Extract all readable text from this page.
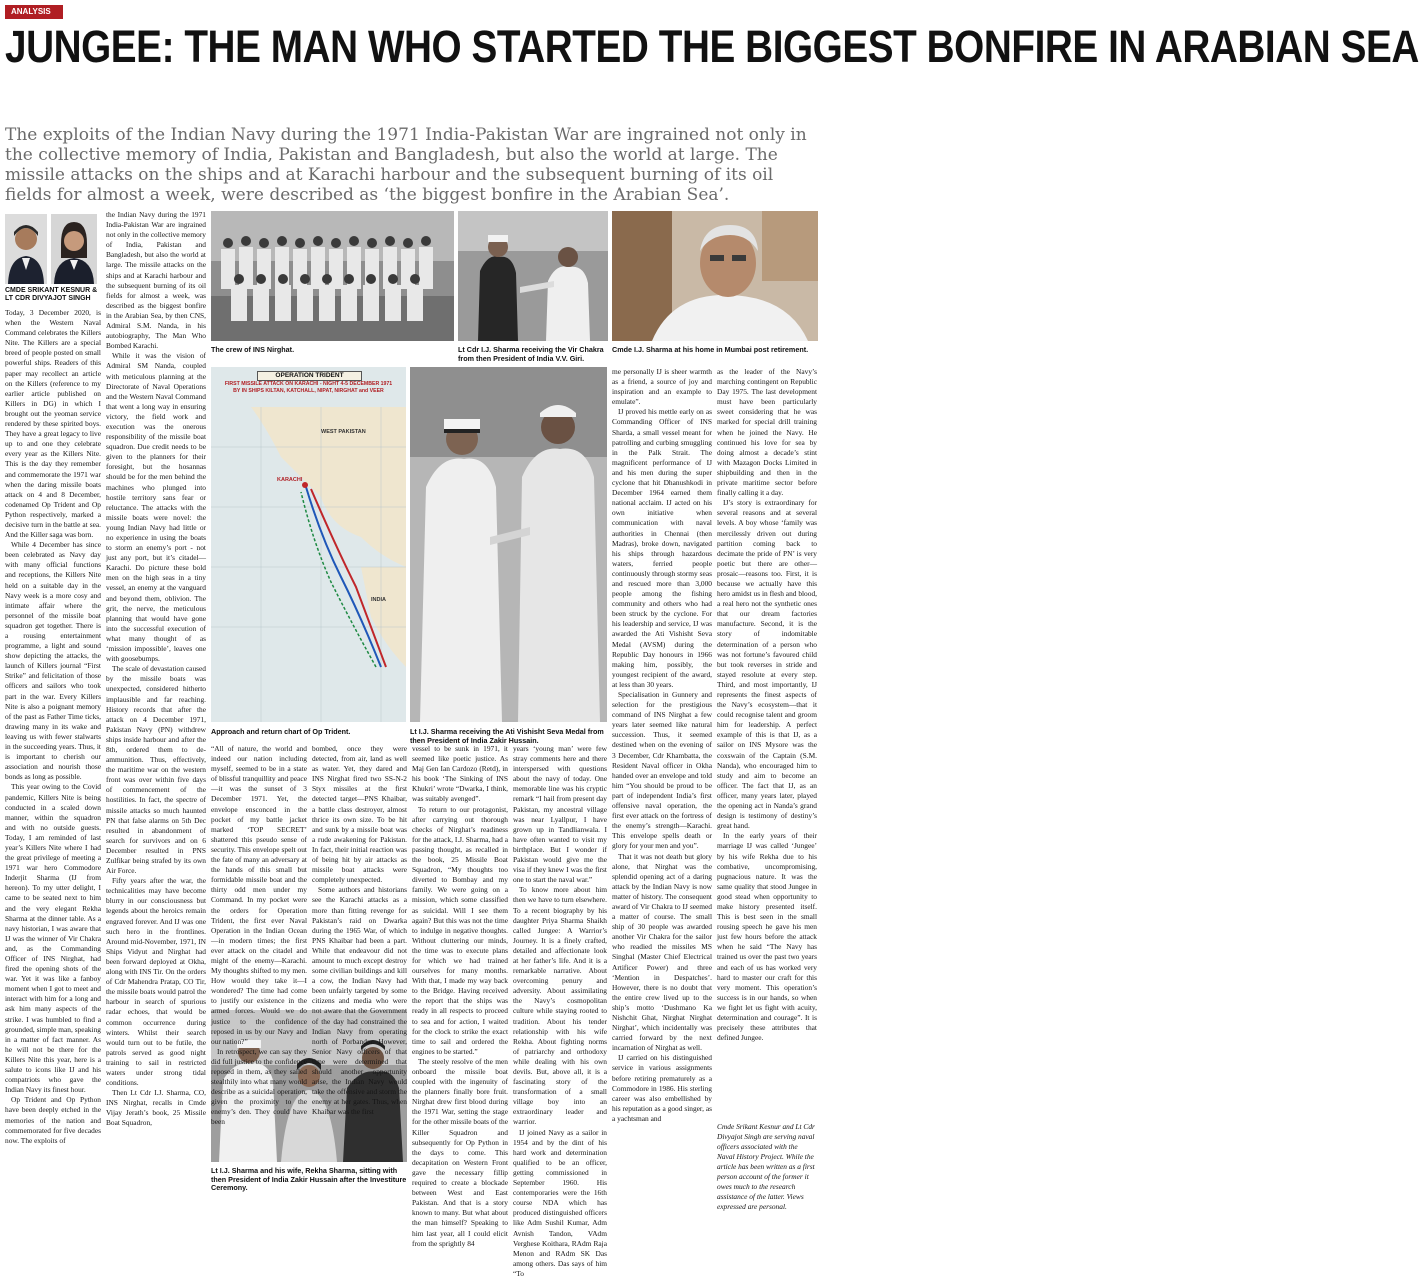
ANALYSIS
JUNGEE: THE MAN WHO STARTED THE BIGGEST BONFIRE IN ARABIAN SEA

The exploits of the Indian Navy during the 1971 India-Pakistan War are ingrained not only in the collective memory of India, Pakistan and Bangladesh, but also the world at large. The missile attacks on the ships and at Karachi harbour and the subsequent burning of its oil fields for almost a week, were described as ‘the biggest bonfire in the Arabian Sea’.

CMDE SRIKANT KESNUR & LT CDR DIVYAJOT SINGH
The crew of INS Nirghat.	Lt Cdr I.J. Sharma receiving the Vir Chakra from then President of India V.V. Giri.
Cmde I.J. Sharma at his home in Mumbai post retirement.
OPERATION TRIDENT
FIRST MISSILE ATTACK ON KARACHI - NIGHT 4-5 DECEMBER 1971
BY IN SHIPS KILTAN, KATCHALL, NIPAT, NIRGHAT and VEER
WEST PAKISTAN
KARACHI
INDIA
Approach and return chart of Op Trident.	Lt I.J. Sharma receiving the Ati Vishisht Seva Medal from then President of India Zakir Hussain.
Lt I.J. Sharma and his wife, Rekha Sharma, sitting with then President of India Zakir Hussain after the Investiture Ceremony.

Today, 3 December 2020, is when the Western Naval Command celebrates the Killers Nite. The Killers are a special breed of people posted on small powerful ships. Readers of this paper may recollect an article on the Killers (reference to my earlier article published on Killers in DG) in which I brought out the yeoman service rendered by these spirited boys. They have a great legacy to live up to and one they celebrate every year as the Killers Nite. This is the day they remember and commemorate the 1971 war when the daring missile boats attack on 4 and 8 December, codenamed Op Trident and Op Python respectively, marked a decisive turn in the battle at sea. And the Killer saga was born.

While 4 December has since been celebrated as Navy day with many official functions and receptions, the Killers Nite held on a suitable day in the Navy week is a more cosy and intimate affair where the personnel of the missile boat squadron get together. There is a rousing entertainment programme, a light and sound show depicting the attacks, the launch of Killers journal “First Strike” and felicitation of those officers and sailors who took part in the war. Every Killers Nite is also a poignant memory of the past as Father Time ticks, drawing many in its wake and leaving us with fewer stalwarts in the succeeding years. Thus, it is important to cherish our association and nourish those bonds as long as possible.

This year owing to the Covid pandemic, Killers Nite is being conducted in a scaled down manner, within the squadron and with no outside guests. Today, I am reminded of last year’s Killers Nite where I had the great privilege of meeting a 1971 war hero Commodore Inderjit Sharma (IJ from hereon). To my utter delight, I came to be seated next to him and the very elegant Rekha Sharma at the dinner table. As a navy historian, I was aware that IJ was the winner of Vir Chakra and, as the Commanding Officer of INS Nirghat, had fired the opening shots of the war. Yet it was like a fanboy moment when I got to meet and interact with him for a long and ask him many aspects of the strike. I was humbled to find a grounded, simple man, speaking in a matter of fact manner. As he will not be there for the Killers Nite this year, here is a salute to icons like IJ and his compatriots who gave the Indian Navy its finest hour.

Op Trident and Op Python have been deeply etched in the memories of the nation and commemorated for five decades now. The exploits of

the Indian Navy during the 1971 India-Pakistan War are ingrained not only in the collective memory of India, Pakistan and Bangladesh, but also the world at large. The missile attacks on the ships and at Karachi harbour and the subsequent burning of its oil fields for almost a week, was described as the biggest bonfire in the Arabian Sea, by then CNS, Admiral S.M. Nanda, in his autobiography, The Man Who Bombed Karachi.

While it was the vision of Admiral SM Nanda, coupled with meticulous planning at the Directorate of Naval Operations and the Western Naval Command that went a long way in ensuring victory, the field work and execution was the onerous responsibility of the missile boat squadron. Due credit needs to be given to the planners for their foresight, but the hosannas should be for the men behind the machines who plunged into hostile territory sans fear or reluctance. The attacks with the missile boats were novel: the young Indian Navy had little or no experience in using the boats to storm an enemy’s port - not just any port, but it’s citadel—Karachi. Do picture these bold men on the high seas in a tiny vessel, an enemy at the vanguard and beyond them, oblivion. The grit, the nerve, the meticulous planning that would have gone into the successful execution of what many thought of as ‘mission impossible’, leaves one with goosebumps.

The scale of devastation caused by the missile boats was unexpected, considered hitherto implausible and far reaching. History records that after the attack on 4 December 1971, Pakistan Navy (PN) withdrew ships inside harbour and after the 8th, ordered them to de-ammunition. Thus, effectively, the maritime war on the western front was over within five days of commencement of the hostilities. In fact, the spectre of missile attacks so much haunted PN that false alarms on 5th Dec resulted in abandonment of search for survivors and on 6 December resulted in PNS Zulfikar being strafed by its own Air Force.

Fifty years after the war, the technicalities may have become blurry in our consciousness but legends about the heroics remain engraved forever. And IJ was one such hero in the frontlines. Around mid-November, 1971, IN Ships Vidyut and Nirghat had been forward deployed at Okha, along with INS Tir. On the orders of Cdr Mahendra Pratap, CO Tir, the missile boats would patrol the harbour in search of spurious radar echoes, that would be common occurrence during winters. Whilst their search would turn out to be futile, the patrols served as good night training to sail in restricted waters under strong tidal conditions.

Then Lt Cdr I.J. Sharma, CO, INS Nirghat, recalls in Cmde Vijay Jerath’s book, 25 Missile Boat Squadron,

“All of nature, the world and indeed our nation including myself, seemed to be in a state of blissful tranquillity and peace—it was the sunset of 3 December 1971. Yet, the envelope ensconced in the pocket of my battle jacket marked ‘TOP SECRET’ shattered this pseudo sense of security. This envelope spelt out the fate of many an adversary at the hands of this small but formidable missile boat and the thirty odd men under my Command. In my pocket were the orders for Operation Trident, the first ever Naval Operation in the Indian Ocean—in modern times; the first ever attack on the citadel and might of the enemy—Karachi. My thoughts shifted to my men. How would they take it—I wondered? The time had come to justify our existence in the armed forces. Would we do justice to the confidence reposed in us by our Navy and our nation?”

In retrospect, we can say they did full justice to the confidence reposed in them, as they sailed stealthily into what many would describe as a suicidal operation, given the proximity to the enemy’s den. They could have been

bombed, once they were detected, from air, land as well as water. Yet, they dared and INS Nirghat fired two SS-N-2 Styx missiles at the first detected target—PNS Khaibar, a battle class destroyer, almost thrice its own size. To be hit and sunk by a missile boat was a rude awakening for Pakistan. In fact, their initial reaction was of being hit by air attacks as missile boat attacks were completely unexpected.

Some authors and historians see the Karachi attacks as a more than fitting revenge for Pakistan’s raid on Dwarka during the 1965 War, of which PNS Khaibar had been a part. While that endeavour did not amount to much except destroy some civilian buildings and kill a cow, the Indian Navy had been unfairly targeted by some citizens and media who were not aware that the Government of the day had constrained the Indian Navy from operating north of Porbandar. However, Senior Navy officers of that time were determined that should another opportunity arise, the Indian Navy would take the offensive and storm the enemy at her gates. Thus, when Khaibar was the first

vessel to be sunk in 1971, it seemed like poetic justice. As Maj Gen Ian Cardozo (Retd), in his book ‘The Sinking of INS Khukri’ wrote “Dwarka, I think, was suitably avenged”.

To return to our protagonist, after carrying out thorough checks of Nirghat’s readiness for the attack, I.J. Sharma, had a passing thought, as recalled in the book, 25 Missile Boat Squadron, “My thoughts too diverted to Bombay and my family. We were going on a mission, which some classified as suicidal. Will I see them again? But this was not the time to indulge in negative thoughts. Without cluttering our minds, the time was to execute plans for which we had trained ourselves for many months. With that, I made my way back to the Bridge. Having received the report that the ships was ready in all respects to proceed to sea and for action, I waited for the clock to strike the exact time to sail and ordered the engines to be started.”

The steely resolve of the men onboard the missile boat coupled with the ingenuity of the planners finally bore fruit. Nirghat drew first blood during the 1971 War, setting the stage for the other missile boats of the Killer Squadron and subsequently for Op Python in the days to come. This decapitation on Western Front gave the necessary fillip required to create a blockade between West and East Pakistan. And that is a story known to many. But what about the man himself? Speaking to him last year, all I could elicit from the sprightly 84

years ‘young man’ were few stray comments here and there interspersed with questions about the navy of today. One memorable line was his cryptic remark “I hail from present day Pakistan, my ancestral village was near Lyallpur, I have grown up in Tandlianwala. I have often wanted to visit my birthplace. But I wonder if Pakistan would give me the visa if they knew I was the first one to start the naval war.”

To know more about him then we have to turn elsewhere. To a recent biography by his daughter Priya Sharma Shaikh called Jungee: A Warrior’s Journey. It is a finely crafted, detailed and affectionate look at her father’s life. And it is a remarkable narrative. About overcoming penury and adversity. About assimilating the Navy’s cosmopolitan culture while staying rooted to tradition. About his tender relationship with his wife Rekha. About fighting norms of patriarchy and orthodoxy while dealing with his own devils. But, above all, it is a fascinating story of the transformation of a small village boy into an extraordinary leader and warrior.

IJ joined Navy as a sailor in 1954 and by the dint of his hard work and determination qualified to be an officer, getting commissioned in September 1960. His contemporaries were the 16th course NDA which has produced distinguished officers like Adm Sushil Kumar, Adm Avnish Tandon, VAdm Verghese Koithara, RAdm Raja Menon and RAdm SK Das among others. Das says of him “To

me personally IJ is sheer warmth as a friend, a source of joy and inspiration and an example to emulate”.

IJ proved his mettle early on as Commanding Officer of INS Sharda, a small vessel meant for patrolling and curbing smuggling in the Palk Strait. The magnificent performance of IJ and his men during the super cyclone that hit Dhanushkodi in December 1964 earned them national acclaim. IJ acted on his own initiative when communication with naval authorities in Chennai (then Madras), broke down, navigated his ships through hazardous waters, ferried people continuously through stormy seas and rescued more than 3,000 people among the fishing community and others who had been struck by the cyclone. For his leadership and service, IJ was awarded the Ati Vishisht Seva Medal (AVSM) during the Republic Day honours in 1966 making him, possibly, the youngest recipient of the award, at less than 30 years.

Specialisation in Gunnery and selection for the prestigious command of INS Nirghat a few years later seemed like natural succession. Thus, it seemed destined when on the evening of 3 December, Cdr Khambatta, the Resident Naval officer in Okha handed over an envelope and told him “You should be proud to be part of independent India’s first offensive naval operation, the first ever attack on the fortress of the enemy’s strength—Karachi. This envelope spells death or glory for your men and you”.

That it was not death but glory alone, that Nirghat was the splendid opening act of a daring attack by the Indian Navy is now matter of history. The consequent award of Vir Chakra to IJ seemed a matter of course. The small ship of 30 people was awarded another Vir Chakra for the sailor who readied the missiles MS Singhal (Master Chief Electrical Artificer Power) and three ‘Mention in Despatches’. However, there is no doubt that the entire crew lived up to the ship’s motto ‘Dushmano Ka Nishchit Ghat, Nirghat Nirghat Nirghat’, which incidentally was carried forward by the next incarnation of Nirghat as well.

IJ carried on his distinguished service in various assignments before retiring prematurely as a Commodore in 1986. His sterling career was also embellished by his reputation as a good singer, as a yachtsman and

as the leader of the Navy’s marching contingent on Republic Day 1975. The last development must have been particularly sweet considering that he was marked for special drill training when he joined the Navy. He continued his love for sea by doing almost a decade’s stint with Mazagon Docks Limited in shipbuilding and then in the private maritime sector before finally calling it a day.

IJ’s story is extraordinary for several reasons and at several levels. A boy whose ‘family was mercilessly driven out during partition coming back to decimate the pride of PN’ is very poetic but there are other—prosaic—reasons too. First, it is because we actually have this hero amidst us in flesh and blood, a real hero not the synthetic ones that our dream factories manufacture. Second, it is the story of indomitable determination of a person who was not fortune’s favoured child but took reverses in stride and stayed resolute at every step. Third, and most importantly, IJ represents the finest aspects of the Navy’s ecosystem—that it could recognise talent and groom him for leadership. A perfect example of this is that IJ, as a sailor on INS Mysore was the coxswain of the Captain (S.M. Nanda), who encouraged him to study and aim to become an officer. The fact that IJ, as an officer, many years later, played the opening act in Nanda’s grand design is testimony of destiny’s great hand.

In the early years of their marriage IJ was called ‘Jungee’ by his wife Rekha due to his combative, uncompromising, pugnacious nature. It was the same quality that stood Jungee in good stead when opportunity to make history presented itself. This is best seen in the small rousing speech he gave his men just few hours before the attack when he said “The Navy has trained us over the past two years and each of us has worked very hard to master our craft for this very moment. This operation’s success is in our hands, so when we fight let us fight with acuity, determination and courage”. It is precisely these attributes that defined Jungee.

Cmde Srikant Kesnur and Lt Cdr Divyajot Singh are serving naval officers associated with the Naval History Project. While the article has been written as a first person account of the former it owes much to the research assistance of the latter. Views expressed are personal.
